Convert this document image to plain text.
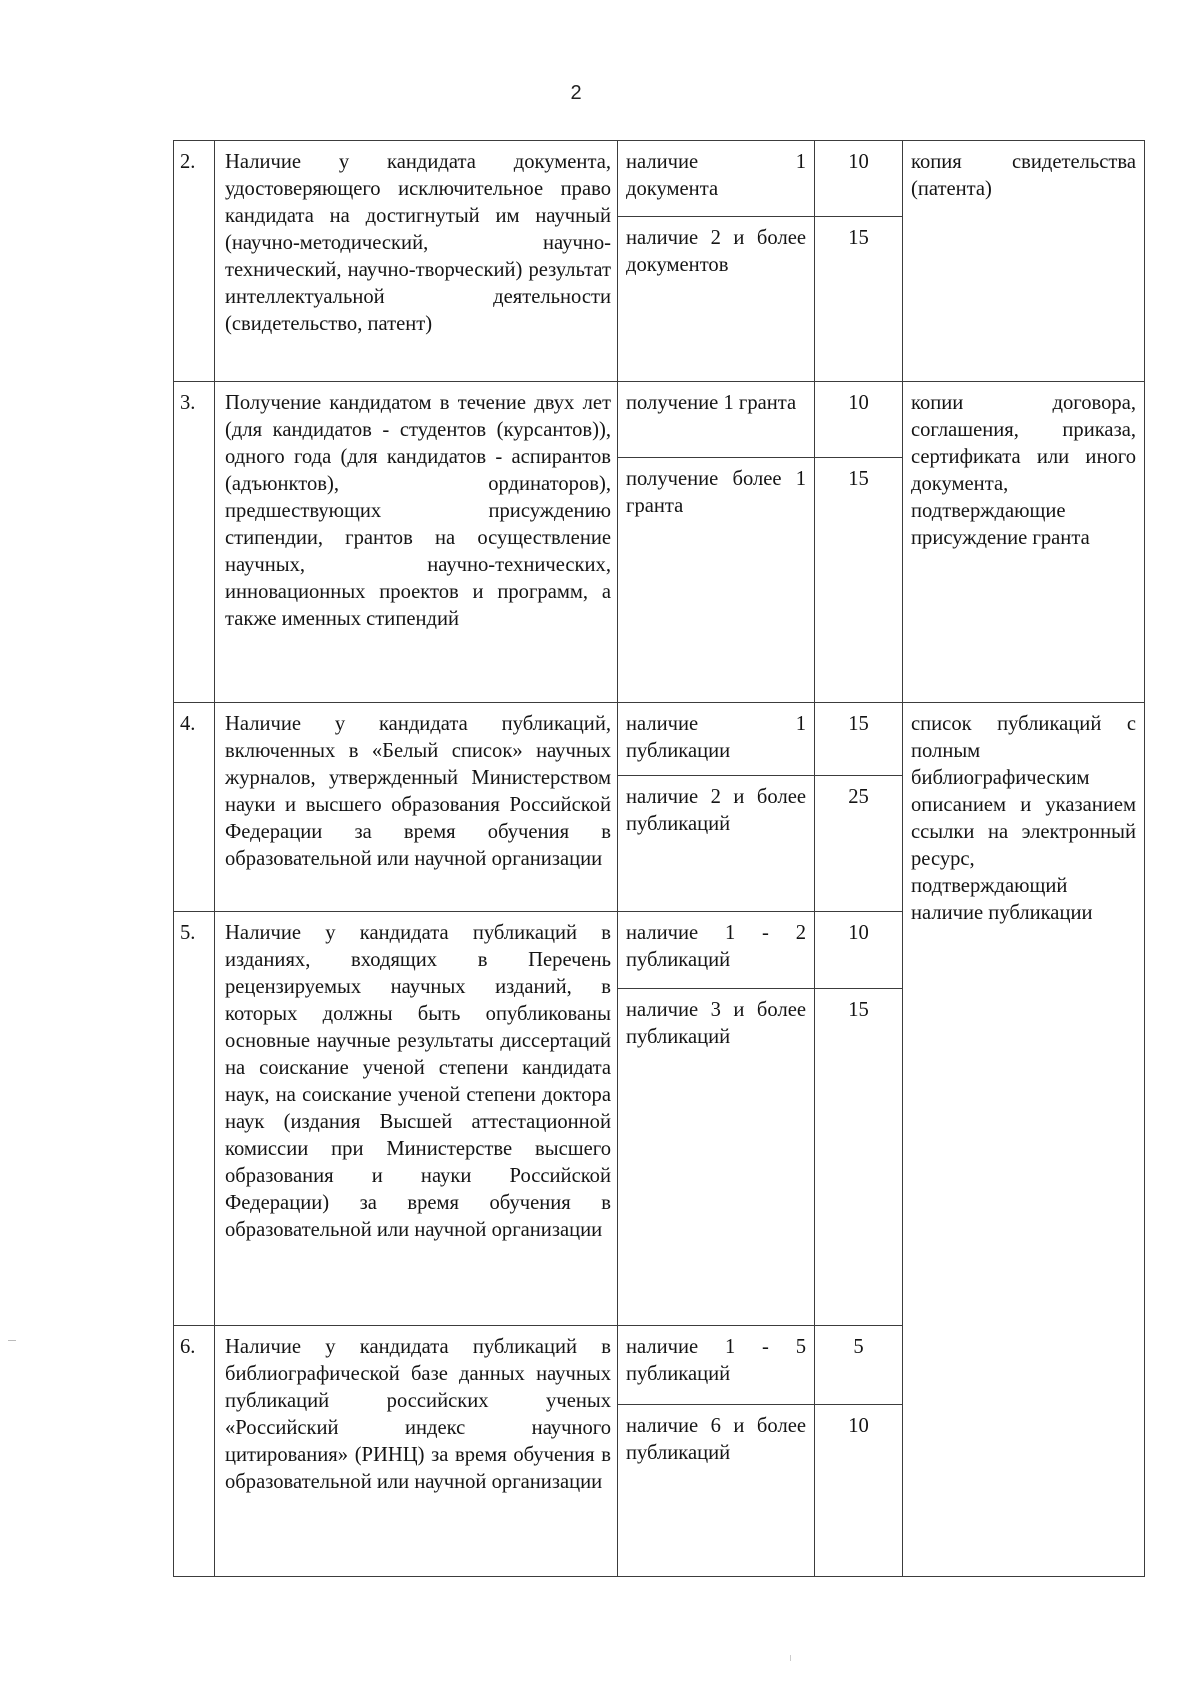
2
2.	Наличие у кандидата документа, удостоверяющего исключительное право кандидата на достигнутый им научный (научно-методический, научно-технический, научно-творческий) результат интеллектуальной деятельности (свидетельство, патент)	наличие 1 документа	10	копия свидетельства (патента)
		наличие 2 и более документов	15	
3.	Получение кандидатом в течение двух лет (для кандидатов - студентов (курсантов)), одного года (для кандидатов - аспирантов (адъюнктов), ординаторов), предшествующих присуждению стипендии, грантов на осуществление научных, научно-технических, инновационных проектов и программ, а также именных стипендий	получение 1 гранта	10	копии договора, соглашения, приказа, сертификата или иного документа, подтверждающие присуждение гранта
		получение более 1 гранта	15	
4.	Наличие у кандидата публикаций, включенных в «Белый список» научных журналов, утвержденный Министерством науки и высшего образования Российской Федерации за время обучения в образовательной или научной организации	наличие 1 публикации	15	список публикаций с полным библиографическим описанием и указанием ссылки на электронный ресурс, подтверждающий наличие публикации
		наличие 2 и более публикаций	25	
5.	Наличие у кандидата публикаций в изданиях, входящих в Перечень рецензируемых научных изданий, в которых должны быть опубликованы основные научные результаты диссертаций на соискание ученой степени кандидата наук, на соискание ученой степени доктора наук (издания Высшей аттестационной комиссии при Министерстве высшего образования и науки Российской Федерации) за время обучения в образовательной или научной организации	наличие 1 - 2 публикаций	10	
		наличие 3 и более публикаций	15	
6.	Наличие у кандидата публикаций в библиографической базе данных научных публикаций российских ученых «Российский индекс научного цитирования» (РИНЦ) за время обучения в образовательной или научной организации	наличие 1 - 5 публикаций	5	
		наличие 6 и более публикаций	10	
